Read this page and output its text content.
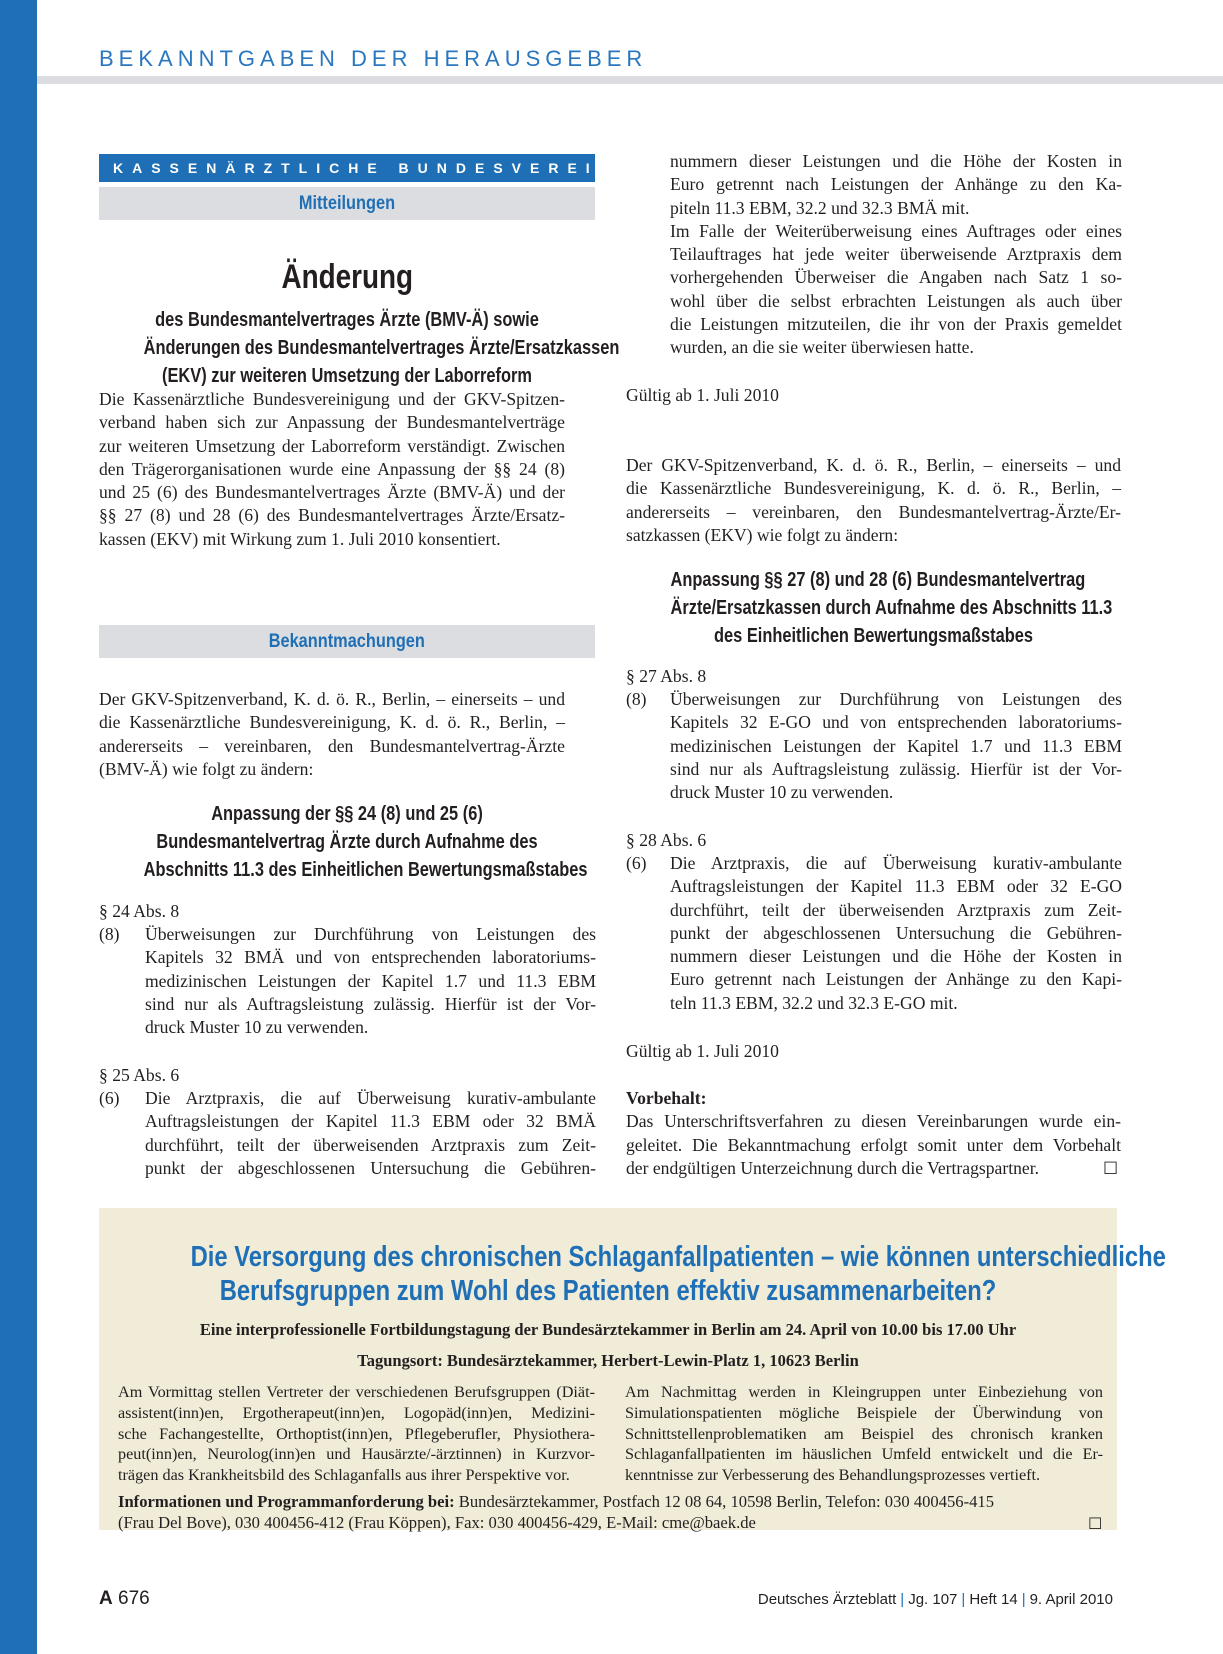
BEKANNTGABEN DER HERAUSGEBER
KASSENÄRZTLICHE BUNDESVEREINIGUNG
Mitteilungen
Änderung
des Bundesmantelvertrages Ärzte (BMV-Ä) sowie
Änderungen des Bundesmantelvertrages Ärzte/Ersatzkassen
(EKV) zur weiteren Umsetzung der Laborreform
Die Kassenärztliche Bundesvereinigung und der GKV-Spitzen-
verband haben sich zur Anpassung der Bundesmantelverträge
zur weiteren Umsetzung der Laborreform verständigt. Zwischen
den Trägerorganisationen wurde eine Anpassung der §§ 24 (8)
und 25 (6) des Bundesmantelvertrages Ärzte (BMV-Ä) und der
§§ 27 (8) und 28 (6) des Bundesmantelvertrages Ärzte/Ersatz-
kassen (EKV) mit Wirkung zum 1. Juli 2010 konsentiert.
Bekanntmachungen
Der GKV-Spitzenverband, K. d. ö. R., Berlin, – einerseits – und
die Kassenärztliche Bundesvereinigung, K. d. ö. R., Berlin, –
andererseits – vereinbaren, den Bundesmantelvertrag-Ärzte
(BMV-Ä) wie folgt zu ändern:
Anpassung der §§ 24 (8) und 25 (6)
Bundesmantelvertrag Ärzte durch Aufnahme des
Abschnitts 11.3 des Einheitlichen Bewertungsmaßstabes
§ 24 Abs. 8
(8)	Überweisungen zur Durchführung von Leistungen des
Kapitels 32 BMÄ und von entsprechenden laboratoriums-
medizinischen Leistungen der Kapitel 1.7 und 11.3 EBM
sind nur als Auftragsleistung zulässig. Hierfür ist der Vor-
druck Muster 10 zu verwenden.
§ 25 Abs. 6
(6)	Die Arztpraxis, die auf Überweisung kurativ-ambulante
Auftragsleistungen der Kapitel 11.3 EBM oder 32 BMÄ
durchführt, teilt der überweisenden Arztpraxis zum Zeit-
punkt der abgeschlossenen Untersuchung die Gebühren-
nummern dieser Leistungen und die Höhe der Kosten in
Euro getrennt nach Leistungen der Anhänge zu den Ka-
piteln 11.3 EBM, 32.2 und 32.3 BMÄ mit.
Im Falle der Weiterüberweisung eines Auftrages oder eines
Teilauftrages hat jede weiter überweisende Arztpraxis dem
vorhergehenden Überweiser die Angaben nach Satz 1 so-
wohl über die selbst erbrachten Leistungen als auch über
die Leistungen mitzuteilen, die ihr von der Praxis gemeldet
wurden, an die sie weiter überwiesen hatte.
Gültig ab 1. Juli 2010
Der GKV-Spitzenverband, K. d. ö. R., Berlin, – einerseits – und
die Kassenärztliche Bundesvereinigung, K. d. ö. R., Berlin, –
andererseits – vereinbaren, den Bundesmantelvertrag-Ärzte/Er-
satzkassen (EKV) wie folgt zu ändern:
Anpassung §§ 27 (8) und 28 (6) Bundesmantelvertrag
Ärzte/Ersatzkassen durch Aufnahme des Abschnitts 11.3
des Einheitlichen Bewertungsmaßstabes
§ 27 Abs. 8
(8)	Überweisungen zur Durchführung von Leistungen des
Kapitels 32 E-GO und von entsprechenden laboratoriums-
medizinischen Leistungen der Kapitel 1.7 und 11.3 EBM
sind nur als Auftragsleistung zulässig. Hierfür ist der Vor-
druck Muster 10 zu verwenden.
§ 28 Abs. 6
(6)	Die Arztpraxis, die auf Überweisung kurativ-ambulante
Auftragsleistungen der Kapitel 11.3 EBM oder 32 E-GO
durchführt, teilt der überweisenden Arztpraxis zum Zeit-
punkt der abgeschlossenen Untersuchung die Gebühren-
nummern dieser Leistungen und die Höhe der Kosten in
Euro getrennt nach Leistungen der Anhänge zu den Kapi-
teln 11.3 EBM, 32.2 und 32.3 E-GO mit.
Gültig ab 1. Juli 2010
Vorbehalt:
Das Unterschriftsverfahren zu diesen Vereinbarungen wurde ein-
geleitet. Die Bekanntmachung erfolgt somit unter dem Vorbehalt
der endgültigen Unterzeichnung durch die Vertragspartner.	☐
Die Versorgung des chronischen Schlaganfallpatienten – wie können unterschiedliche
Berufsgruppen zum Wohl des Patienten effektiv zusammenarbeiten?
Eine interprofessionelle Fortbildungstagung der Bundesärztekammer in Berlin am 24. April von 10.00 bis 17.00 Uhr
Tagungsort: Bundesärztekammer, Herbert-Lewin-Platz 1, 10623 Berlin
Am Vormittag stellen Vertreter der verschiedenen Berufsgruppen (Diät-
assistent(inn)en, Ergotherapeut(inn)en, Logopäd(inn)en, Medizini-
sche Fachangestellte, Orthoptist(inn)en, Pflegeberufler, Physiothera-
peut(inn)en, Neurolog(inn)en und Hausärzte/-ärztinnen) in Kurzvor-
trägen das Krankheitsbild des Schlaganfalls aus ihrer Perspektive vor.
Am Nachmittag werden in Kleingruppen unter Einbeziehung von
Simulationspatienten mögliche Beispiele der Überwindung von
Schnittstellenproblematiken am Beispiel des chronisch kranken
Schlaganfallpatienten im häuslichen Umfeld entwickelt und die Er-
kenntnisse zur Verbesserung des Behandlungsprozesses vertieft.
Informationen und Programmanforderung bei: Bundesärztekammer, Postfach 12 08 64, 10598 Berlin, Telefon: 030 400456-415
(Frau Del Bove), 030 400456-412 (Frau Köppen), Fax: 030 400456-429, E-Mail: cme@baek.de	☐
A 676	Deutsches Ärzteblatt | Jg. 107 | Heft 14 | 9. April 2010
